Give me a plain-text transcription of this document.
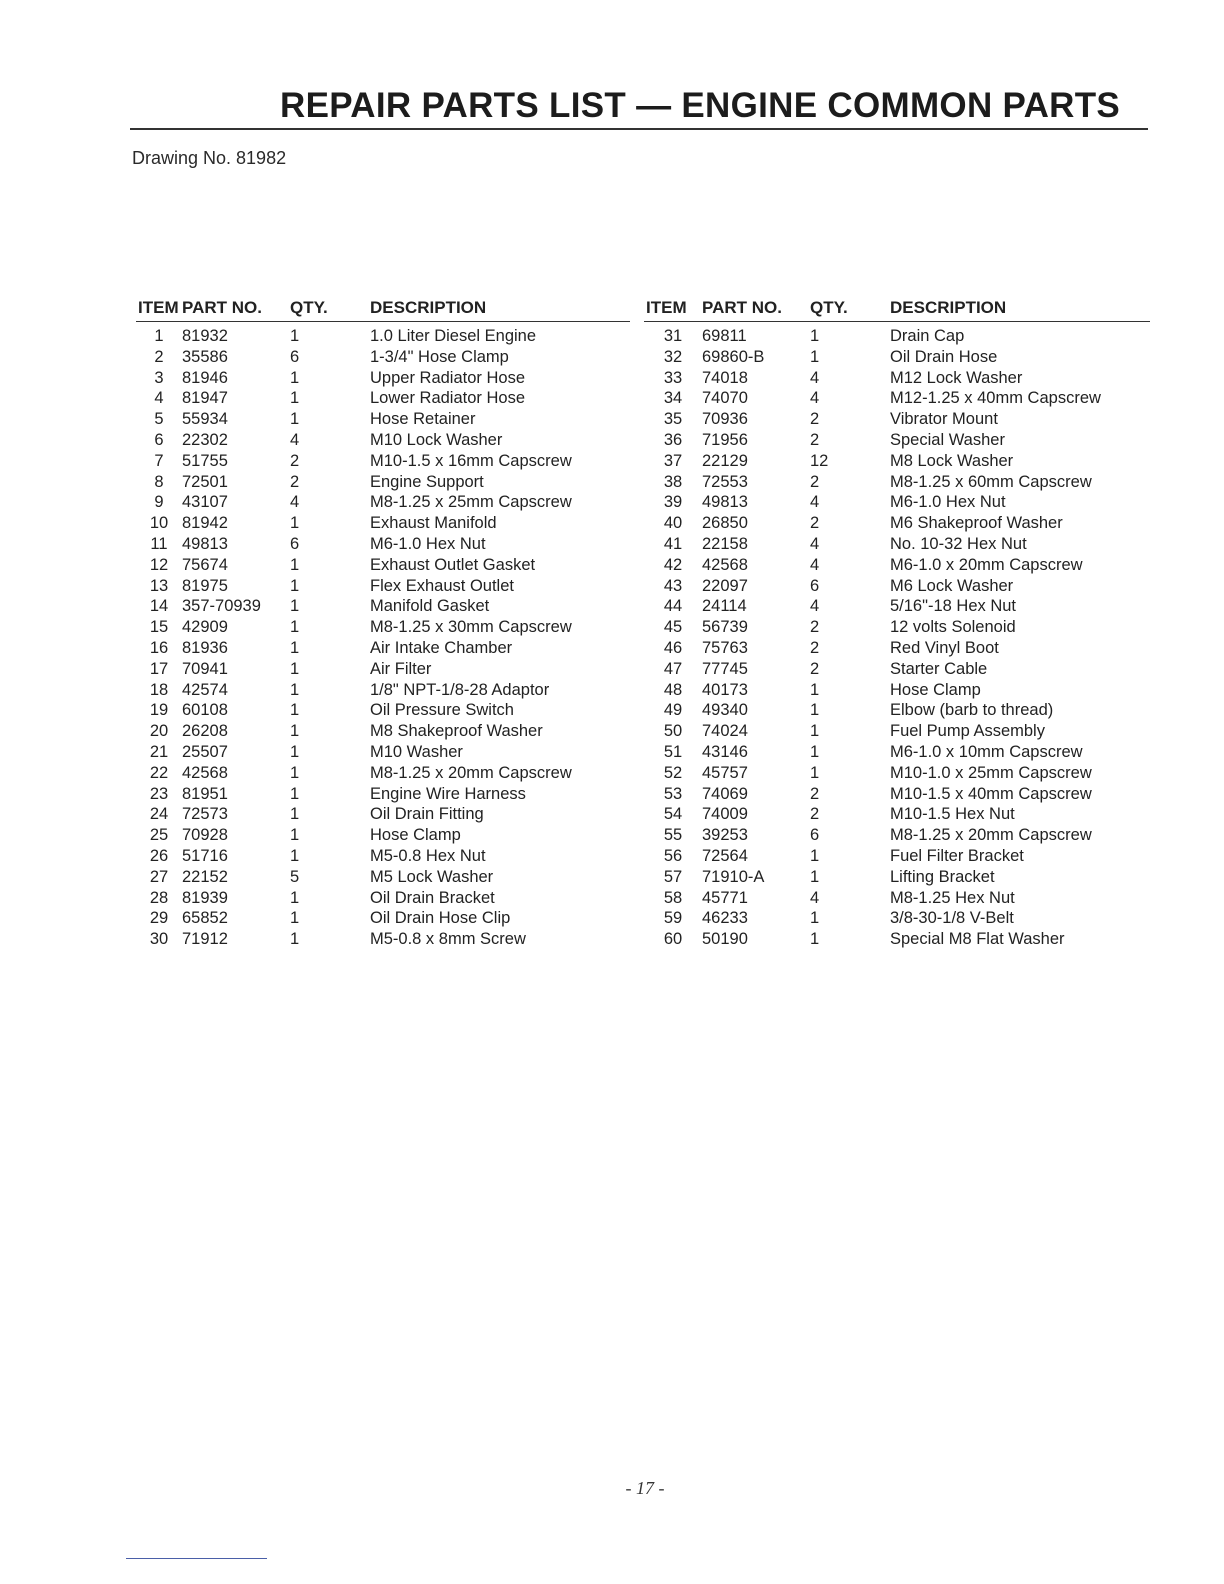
REPAIR PARTS LIST — ENGINE COMMON PARTS
Drawing No. 81982
ITEM	PART NO.	QTY.	DESCRIPTION
1	81932	1	1.0 Liter Diesel Engine
2	35586	6	1-3/4" Hose Clamp
3	81946	1	Upper Radiator Hose
4	81947	1	Lower Radiator Hose
5	55934	1	Hose Retainer
6	22302	4	M10 Lock Washer
7	51755	2	M10-1.5 x 16mm Capscrew
8	72501	2	Engine Support
9	43107	4	M8-1.25 x 25mm Capscrew
10	81942	1	Exhaust Manifold
11	49813	6	M6-1.0 Hex Nut
12	75674	1	Exhaust Outlet Gasket
13	81975	1	Flex Exhaust Outlet
14	357-70939	1	Manifold Gasket
15	42909	1	M8-1.25 x 30mm Capscrew
16	81936	1	Air Intake Chamber
17	70941	1	Air Filter
18	42574	1	1/8" NPT-1/8-28 Adaptor
19	60108	1	Oil Pressure Switch
20	26208	1	M8 Shakeproof Washer
21	25507	1	M10 Washer
22	42568	1	M8-1.25 x 20mm Capscrew
23	81951	1	Engine Wire Harness
24	72573	1	Oil Drain Fitting
25	70928	1	Hose Clamp
26	51716	1	M5-0.8 Hex Nut
27	22152	5	M5 Lock Washer
28	81939	1	Oil Drain Bracket
29	65852	1	Oil Drain Hose Clip
30	71912	1	M5-0.8 x 8mm Screw
ITEM	PART NO.	QTY.	DESCRIPTION
31	69811	1	Drain Cap
32	69860-B	1	Oil Drain Hose
33	74018	4	M12 Lock Washer
34	74070	4	M12-1.25 x 40mm Capscrew
35	70936	2	Vibrator Mount
36	71956	2	Special Washer
37	22129	12	M8 Lock Washer
38	72553	2	M8-1.25 x 60mm Capscrew
39	49813	4	M6-1.0 Hex Nut
40	26850	2	M6 Shakeproof Washer
41	22158	4	No. 10-32 Hex Nut
42	42568	4	M6-1.0 x 20mm Capscrew
43	22097	6	M6 Lock Washer
44	24114	4	5/16"-18 Hex Nut
45	56739	2	12 volts Solenoid
46	75763	2	Red Vinyl Boot
47	77745	2	Starter Cable
48	40173	1	Hose Clamp
49	49340	1	Elbow (barb to thread)
50	74024	1	Fuel Pump Assembly
51	43146	1	M6-1.0 x 10mm Capscrew
52	45757	1	M10-1.0 x 25mm Capscrew
53	74069	2	M10-1.5 x 40mm Capscrew
54	74009	2	M10-1.5 Hex Nut
55	39253	6	M8-1.25 x 20mm Capscrew
56	72564	1	Fuel Filter Bracket
57	71910-A	1	Lifting Bracket
58	45771	4	M8-1.25 Hex Nut
59	46233	1	3/8-30-1/8 V-Belt
60	50190	1	Special M8 Flat Washer
- 17 -
